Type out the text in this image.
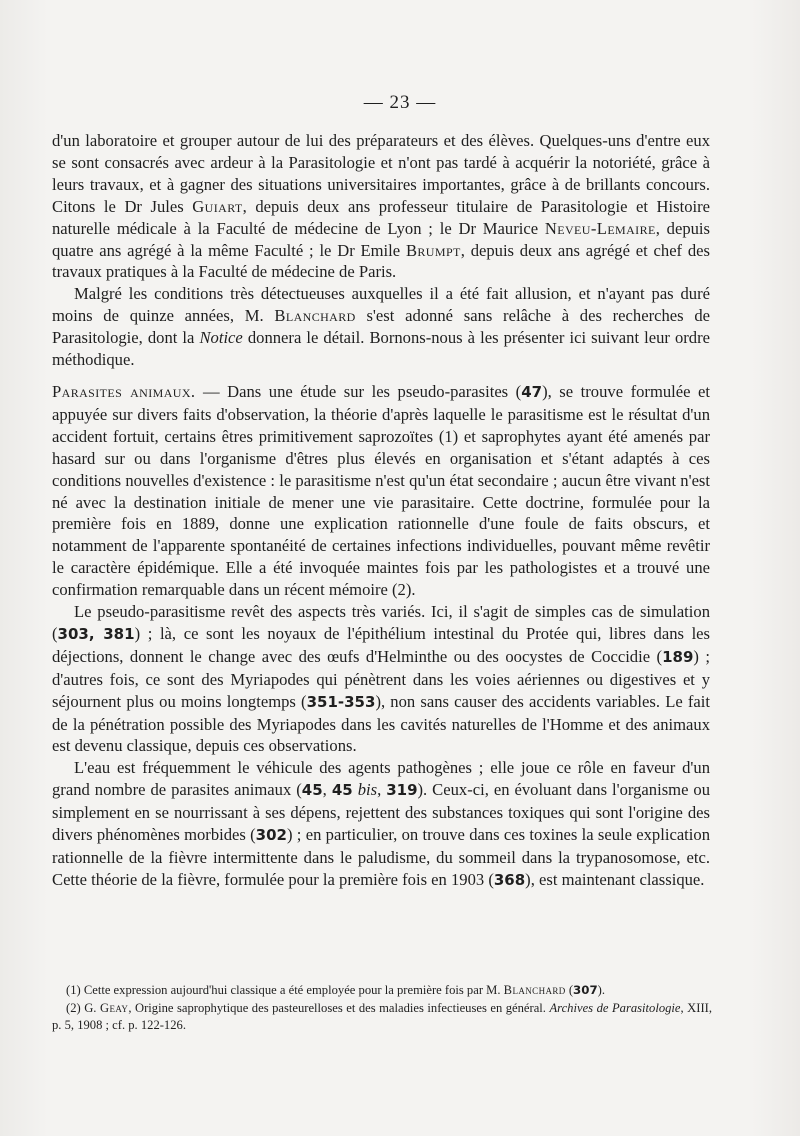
— 23 —

d'un laboratoire et grouper autour de lui des préparateurs et des élèves. Quelques-uns d'entre eux se sont consacrés avec ardeur à la Parasitologie et n'ont pas tardé à acquérir la notoriété, grâce à leurs travaux, et à gagner des situations universitaires importantes, grâce à de brillants concours. Citons le Dr Jules Guiart, depuis deux ans professeur titulaire de Parasitologie et Histoire naturelle médicale à la Faculté de médecine de Lyon ; le Dr Maurice Neveu-Lemaire, depuis quatre ans agrégé à la même Faculté ; le Dr Emile Brumpt, depuis deux ans agrégé et chef des travaux pratiques à la Faculté de médecine de Paris.

Malgré les conditions très détectueuses auxquelles il a été fait allusion, et n'ayant pas duré moins de quinze années, M. Blanchard s'est adonné sans relâche à des recherches de Parasitologie, dont la Notice donnera le détail. Bornons-nous à les présenter ici suivant leur ordre méthodique.

Parasites animaux. — Dans une étude sur les pseudo-parasites (47), se trouve formulée et appuyée sur divers faits d'observation, la théorie d'après laquelle le parasitisme est le résultat d'un accident fortuit, certains êtres primitivement saprozoïtes (1) et saprophytes ayant été amenés par hasard sur ou dans l'organisme d'êtres plus élevés en organisation et s'étant adaptés à ces conditions nouvelles d'existence : le parasitisme n'est qu'un état secondaire ; aucun être vivant n'est né avec la destination initiale de mener une vie parasitaire. Cette doctrine, formulée pour la première fois en 1889, donne une explication rationnelle d'une foule de faits obscurs, et notamment de l'apparente spontanéité de certaines infections individuelles, pouvant même revêtir le caractère épidémique. Elle a été invoquée maintes fois par les pathologistes et a trouvé une confirmation remarquable dans un récent mémoire (2).

Le pseudo-parasitisme revêt des aspects très variés. Ici, il s'agit de simples cas de simulation (303, 381) ; là, ce sont les noyaux de l'épithélium intestinal du Protée qui, libres dans les déjections, donnent le change avec des œufs d'Helminthe ou des oocystes de Coccidie (189) ; d'autres fois, ce sont des Myriapodes qui pénètrent dans les voies aériennes ou digestives et y séjournent plus ou moins longtemps (351-353), non sans causer des accidents variables. Le fait de la pénétration possible des Myriapodes dans les cavités naturelles de l'Homme et des animaux est devenu classique, depuis ces observations.

L'eau est fréquemment le véhicule des agents pathogènes ; elle joue ce rôle en faveur d'un grand nombre de parasites animaux (45, 45 bis, 319). Ceux-ci, en évoluant dans l'organisme ou simplement en se nourrissant à ses dépens, rejettent des substances toxiques qui sont l'origine des divers phénomènes morbides (302) ; en particulier, on trouve dans ces toxines la seule explication rationnelle de la fièvre intermittente dans le paludisme, du sommeil dans la trypanosomose, etc. Cette théorie de la fièvre, formulée pour la première fois en 1903 (368), est maintenant classique.

(1) Cette expression aujourd'hui classique a été employée pour la première fois par M. Blanchard (307).

(2) G. Geay, Origine saprophytique des pasteurelloses et des maladies infectieuses en général. Archives de Parasitologie, XIII, p. 5, 1908 ; cf. p. 122-126.
